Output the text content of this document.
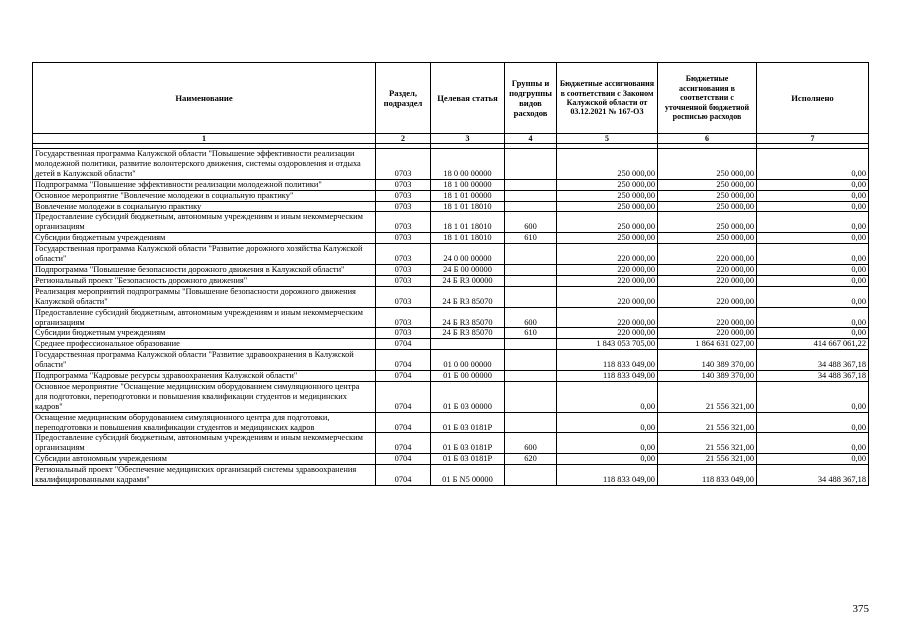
Наименование	Раздел, подраздел	Целевая статья	Группы и подгруппы видов расходов	Бюджетные ассигнования в соответствии с Законом Калужской области от 03.12.2021 № 167-ОЗ	Бюджетные ассигнования в соответствии с уточненной бюджетной росписью расходов	Исполнено
1	2	3	4	5	6	7

Государственная программа Калужской области "Повышение эффективности реализации молодежной политики, развитие волонтерского движения, системы оздоровления и отдыха детей в Калужской области"	0703	18 0 00 00000		250 000,00	250 000,00	0,00
Подпрограмма "Повышение эффективности реализации молодежной политики"	0703	18 1 00 00000		250 000,00	250 000,00	0,00
Основное мероприятие "Вовлечение молодежи в социальную практику"	0703	18 1 01 00000		250 000,00	250 000,00	0,00
Вовлечение молодежи в социальную практику	0703	18 1 01 18010		250 000,00	250 000,00	0,00
Предоставление субсидий бюджетным, автономным учреждениям и иным некоммерческим организациям	0703	18 1 01 18010	600	250 000,00	250 000,00	0,00
Субсидии бюджетным учреждениям	0703	18 1 01 18010	610	250 000,00	250 000,00	0,00
Государственная программа Калужской области "Развитие дорожного хозяйства Калужской области"	0703	24 0 00 00000		220 000,00	220 000,00	0,00
Подпрограмма "Повышение безопасности дорожного движения в Калужской области"	0703	24 Б 00 00000		220 000,00	220 000,00	0,00
Региональный проект "Безопасность дорожного движения"	0703	24 Б R3 00000		220 000,00	220 000,00	0,00
Реализация мероприятий подпрограммы "Повышение безопасности дорожного движения Калужской области"	0703	24 Б R3 85070		220 000,00	220 000,00	0,00
Предоставление субсидий бюджетным, автономным учреждениям и иным некоммерческим организациям	0703	24 Б R3 85070	600	220 000,00	220 000,00	0,00
Субсидии бюджетным учреждениям	0703	24 Б R3 85070	610	220 000,00	220 000,00	0,00
Среднее профессиональное образование	0704			1 843 053 705,00	1 864 631 027,00	414 667 061,22
Государственная программа Калужской области "Развитие здравоохранения в Калужской области"	0704	01 0 00 00000		118 833 049,00	140 389 370,00	34 488 367,18
Подпрограмма "Кадровые ресурсы здравоохранения Калужской области"	0704	01 Б 00 00000		118 833 049,00	140 389 370,00	34 488 367,18
Основное мероприятие "Оснащение медицинским оборудованием симуляционного центра для подготовки, переподготовки и повышения квалификации студентов и медицинских кадров"	0704	01 Б 03 00000		0,00	21 556 321,00	0,00
Оснащение медицинским оборудованием симуляционного центра для подготовки, переподготовки и повышения квалификации студентов и медицинских кадров	0704	01 Б 03 0181Р		0,00	21 556 321,00	0,00
Предоставление субсидий бюджетным, автономным учреждениям и иным некоммерческим организациям	0704	01 Б 03 0181Р	600	0,00	21 556 321,00	0,00
Субсидии автономным учреждениям	0704	01 Б 03 0181Р	620	0,00	21 556 321,00	0,00
Региональный проект "Обеспечение медицинских организаций системы здравоохранения квалифицированными кадрами"	0704	01 Б N5 00000		118 833 049,00	118 833 049,00	34 488 367,18
375
